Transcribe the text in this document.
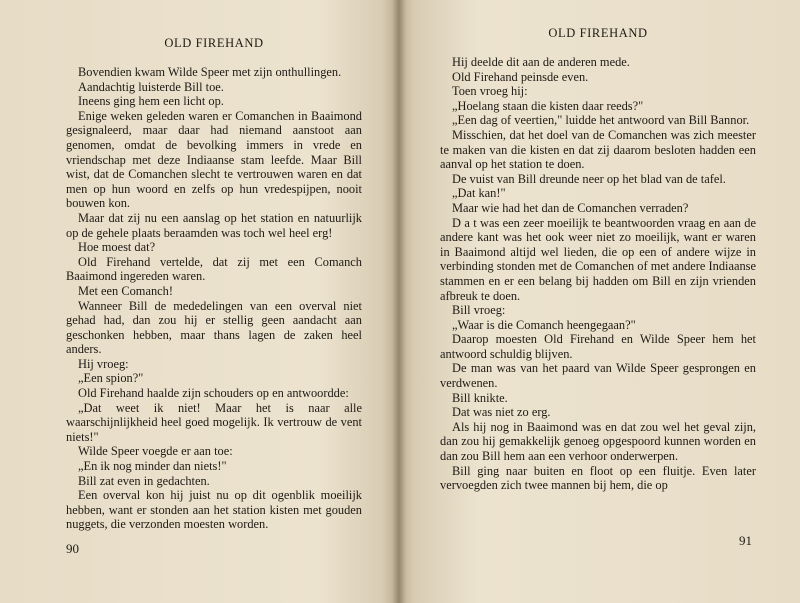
OLD FIREHAND

Bovendien kwam Wilde Speer met zijn onthullingen.

Aandachtig luisterde Bill toe.

Ineens ging hem een licht op.

Enige weken geleden waren er Comanchen in Baaimond gesignaleerd, maar daar had niemand aanstoot aan genomen, omdat de bevolking immers in vrede en vriendschap met deze Indiaanse stam leefde. Maar Bill wist, dat de Comanchen slecht te vertrouwen waren en dat men op hun woord en zelfs op hun vredespijpen, nooit bouwen kon.

Maar dat zij nu een aanslag op het station en natuurlijk op de gehele plaats beraamden was toch wel heel erg!

Hoe moest dat?

Old Firehand vertelde, dat zij met een Comanch Baaimond ingereden waren.

Met een Comanch!

Wanneer Bill de mededelingen van een overval niet gehad had, dan zou hij er stellig geen aandacht aan geschonken hebben, maar thans lagen de zaken heel anders.

Hij vroeg:

„Een spion?"

Old Firehand haalde zijn schouders op en antwoordde:

„Dat weet ik niet! Maar het is naar alle waarschijnlijkheid heel goed mogelijk. Ik vertrouw de vent niets!"

Wilde Speer voegde er aan toe:

„En ik nog minder dan niets!"

Bill zat even in gedachten.

Een overval kon hij juist nu op dit ogenblik moeilijk hebben, want er stonden aan het station kisten met gouden nuggets, die verzonden moesten worden.

90
OLD FIREHAND

Hij deelde dit aan de anderen mede.

Old Firehand peinsde even.

Toen vroeg hij:

„Hoelang staan die kisten daar reeds?"

„Een dag of veertien," luidde het antwoord van Bill Bannor.

Misschien, dat het doel van de Comanchen was zich meester te maken van die kisten en dat zij daarom besloten hadden een aanval op het station te doen.

De vuist van Bill dreunde neer op het blad van de tafel.

„Dat kan!"

Maar wie had het dan de Comanchen verraden?

D a t was een zeer moeilijk te beantwoorden vraag en aan de andere kant was het ook weer niet zo moeilijk, want er waren in Baaimond altijd wel lieden, die op een of andere wijze in verbinding stonden met de Comanchen of met andere Indiaanse stammen en er een belang bij hadden om Bill en zijn vrienden afbreuk te doen.

Bill vroeg:

„Waar is die Comanch heengegaan?"

Daarop moesten Old Firehand en Wilde Speer hem het antwoord schuldig blijven.

De man was van het paard van Wilde Speer gesprongen en verdwenen.

Bill knikte.

Dat was niet zo erg.

Als hij nog in Baaimond was en dat zou wel het geval zijn, dan zou hij gemakkelijk genoeg opgespoord kunnen worden en dan zou Bill hem aan een verhoor onderwerpen.

Bill ging naar buiten en floot op een fluitje. Even later vervoegden zich twee mannen bij hem, die op

91
